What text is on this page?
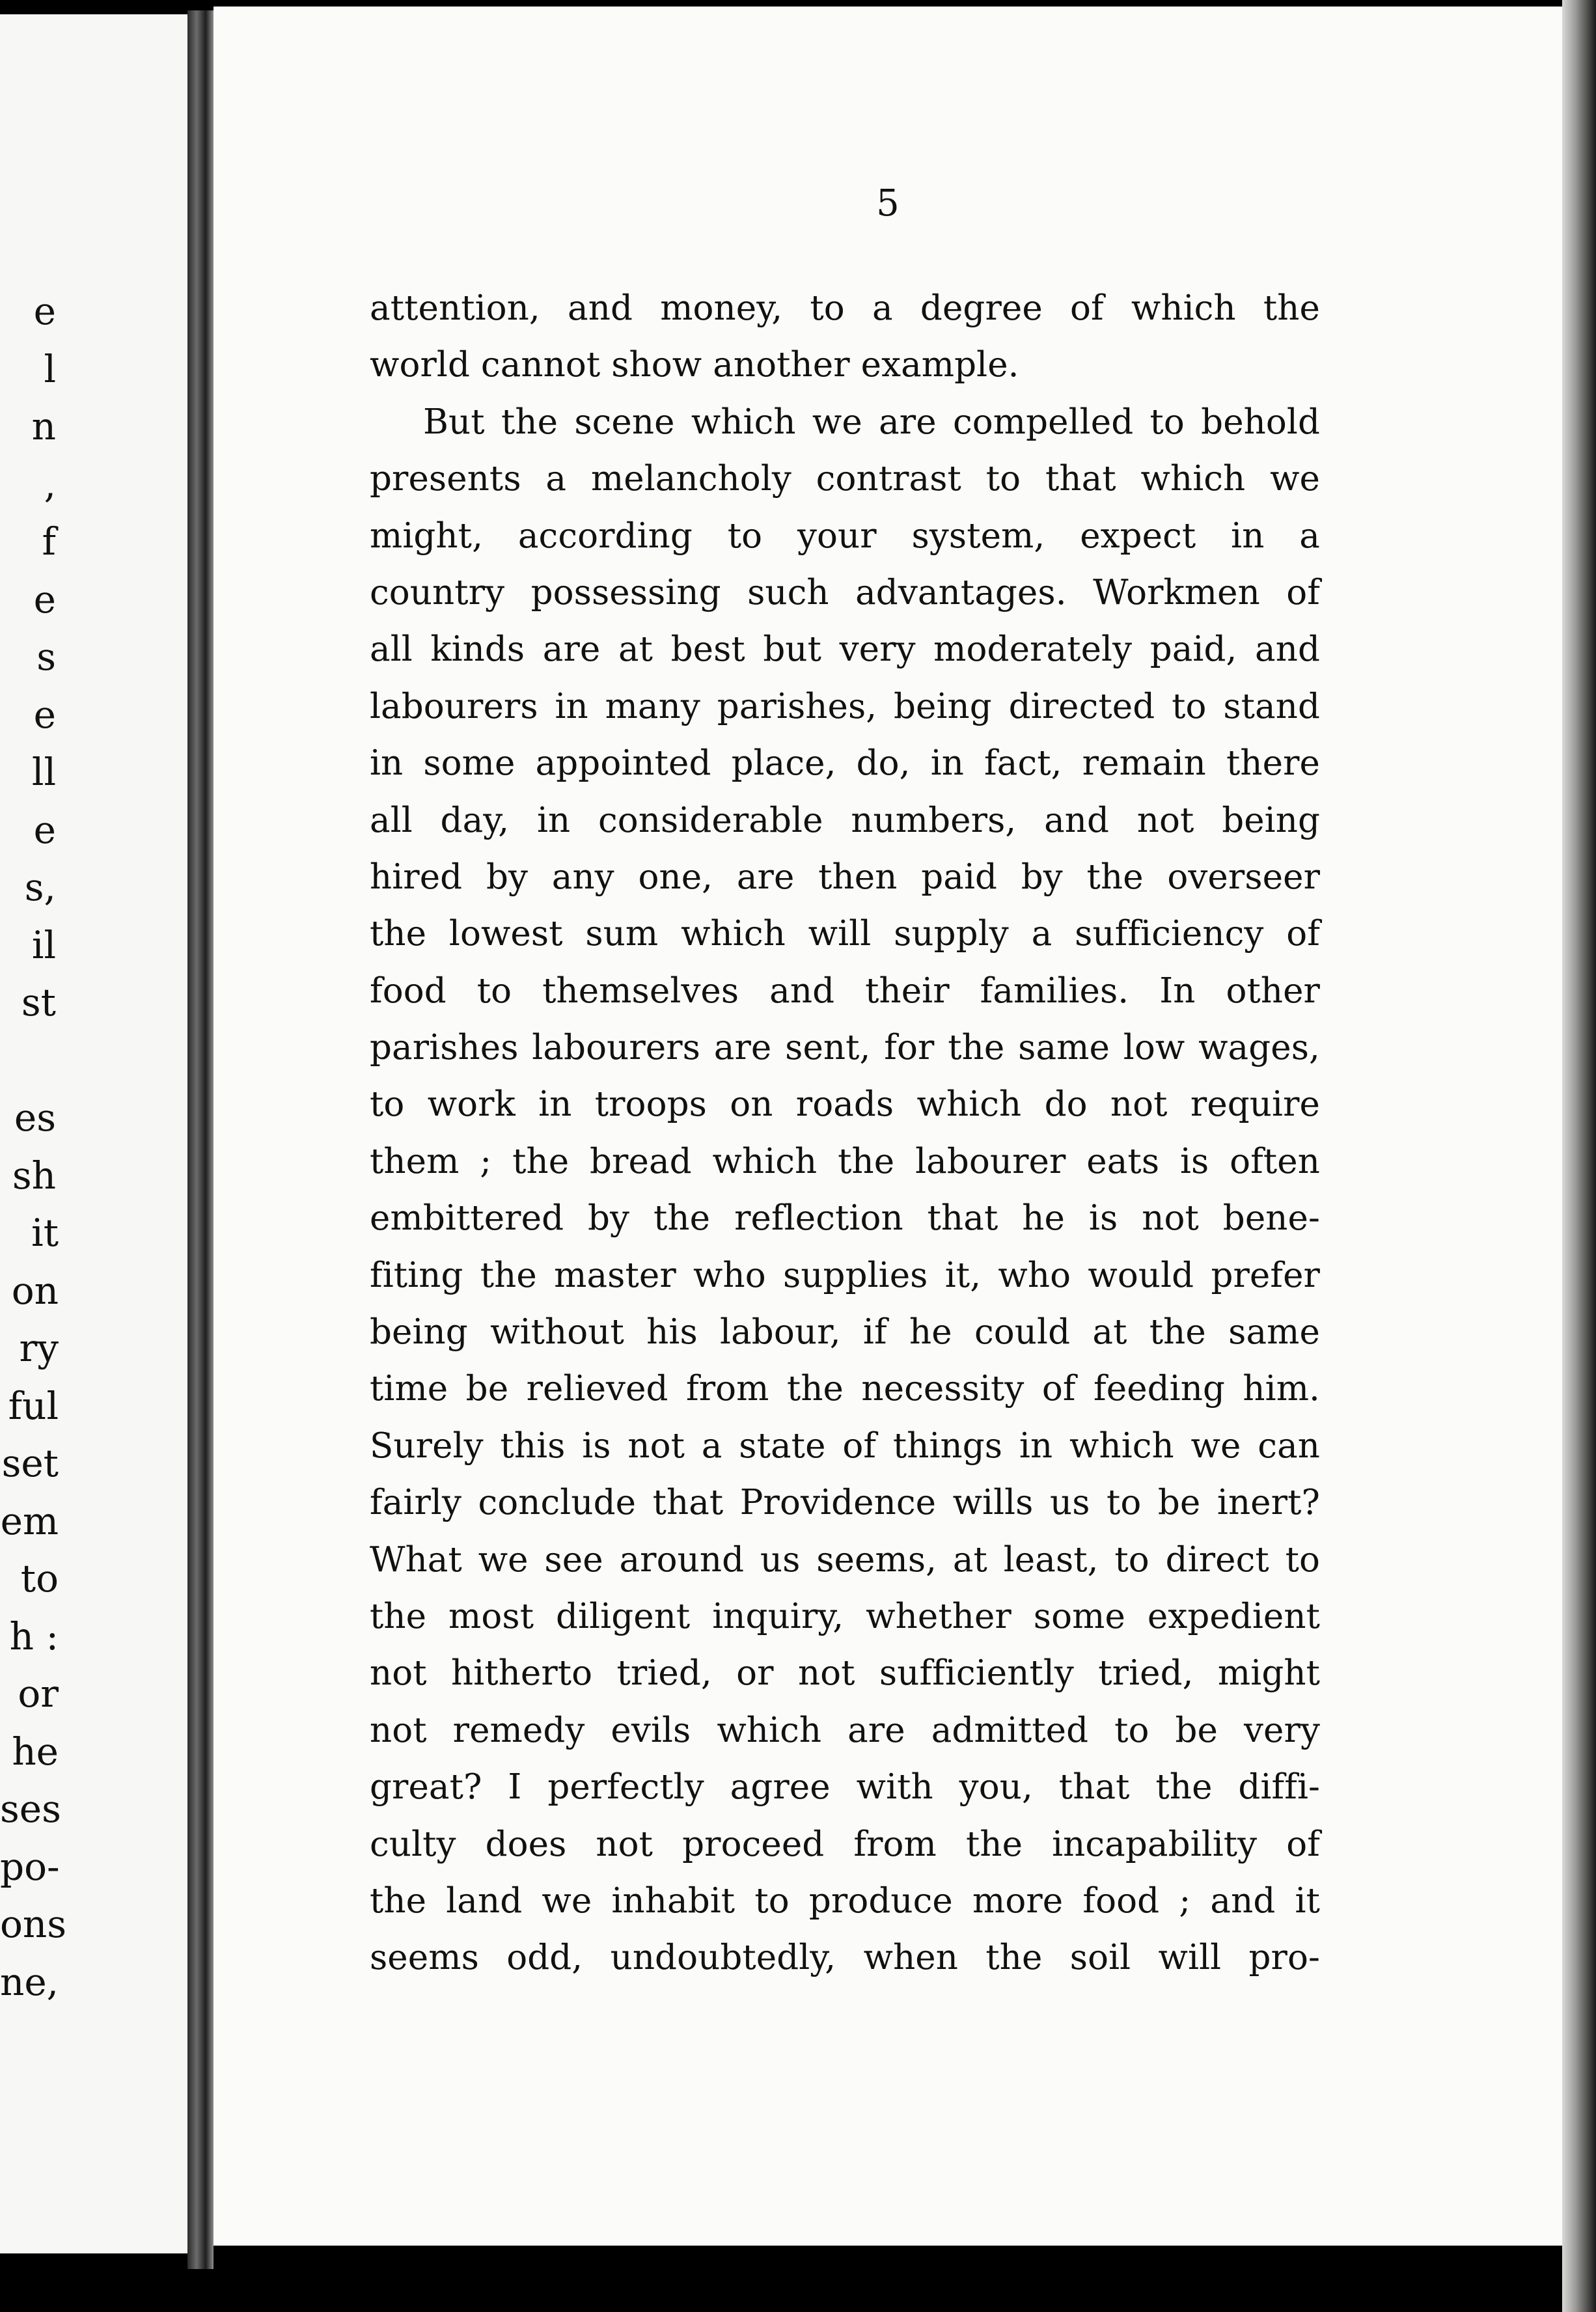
e
l
n
,
f
e
s
e
ll
e
s,
il
st
es
sh
it
on
ry
ful
set
em
to
h :
or
he
ses
po-
ons
ne,
5
attention, and money, to a degree of which the
world cannot show another example.
But the scene which we are compelled to behold
presents a melancholy contrast to that which we
might, according to your system, expect in a
country possessing such advantages. Workmen of
all kinds are at best but very moderately paid, and
labourers in many parishes, being directed to stand
in some appointed place, do, in fact, remain there
all day, in considerable numbers, and not being
hired by any one, are then paid by the overseer
the lowest sum which will supply a sufficiency of
food to themselves and their families. In other
parishes labourers are sent, for the same low wages,
to work in troops on roads which do not require
them ; the bread which the labourer eats is often
embittered by the reflection that he is not bene-
fiting the master who supplies it, who would prefer
being without his labour, if he could at the same
time be relieved from the necessity of feeding him.
Surely this is not a state of things in which we can
fairly conclude that Providence wills us to be inert?
What we see around us seems, at least, to direct to
the most diligent inquiry, whether some expedient
not hitherto tried, or not sufficiently tried, might
not remedy evils which are admitted to be very
great? I perfectly agree with you, that the diffi-
culty does not proceed from the incapability of
the land we inhabit to produce more food ; and it
seems odd, undoubtedly, when the soil will pro-
